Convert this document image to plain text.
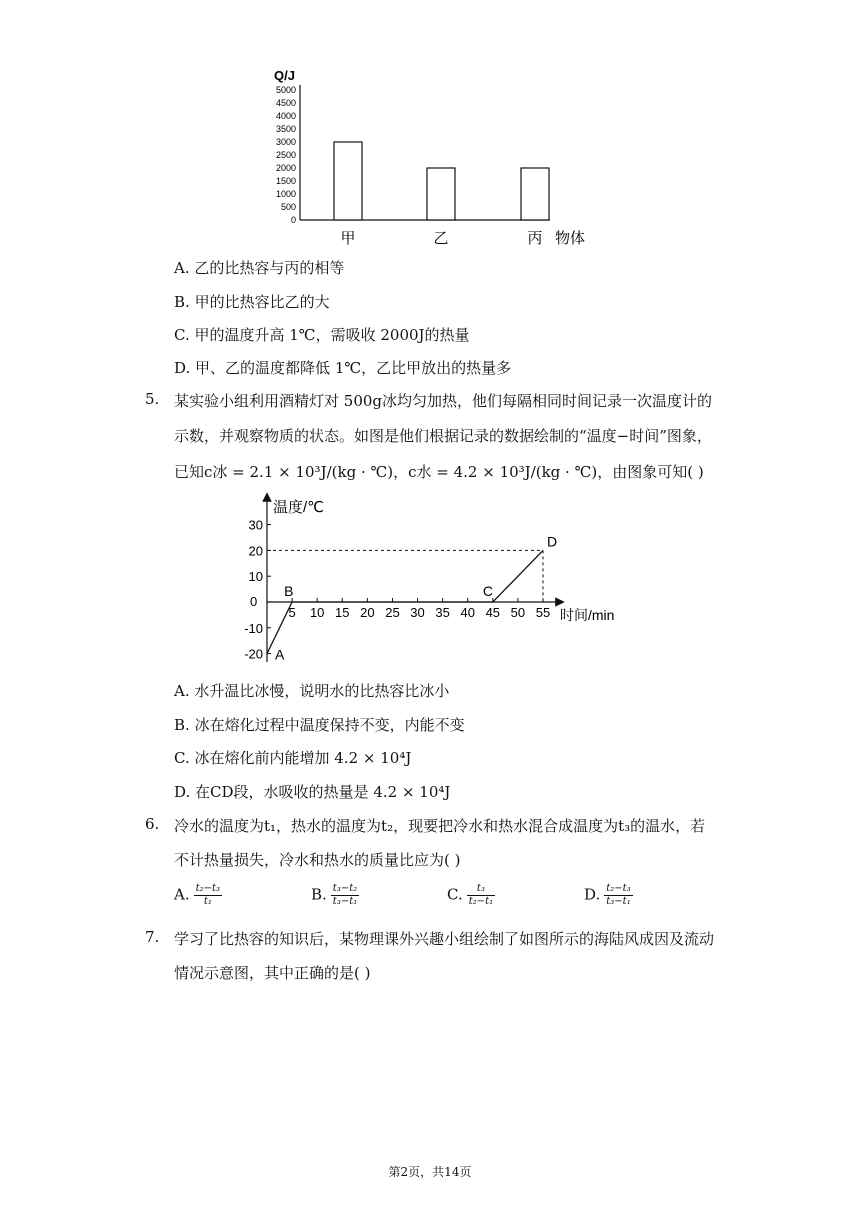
Q/J
0
500
1000
1500
2000
2500
3000
3500
4000
4500
5000
甲	乙	丙 物体
A. 乙的比热容与丙的相等
B. 甲的比热容比乙的大
C. 甲的温度升高 1℃，需吸收 2000J的热量
D. 甲、乙的温度都降低 1℃，乙比甲放出的热量多
5. 某实验小组利用酒精灯对 500g冰均匀加热，他们每隔相同时间记录一次温度计的
示数，并观察物质的状态。如图是他们根据记录的数据绘制的“温度−时间”图象，
已知c冰 = 2.1 × 10³J/(kg · ℃)，c水 = 4.2 × 10³J/(kg · ℃)，由图象可知( )
温度/℃
时间/min
0
30
20
10
-10
-20
5 10 15 20 25 30 35 40 45 50 55
A
B	C
D
A. 水升温比冰慢，说明水的比热容比冰小
B. 冰在熔化过程中温度保持不变，内能不变
C. 冰在熔化前内能增加 4.2 × 10⁴J
D. 在CD段，水吸收的热量是 4.2 × 10⁴J
6. 冷水的温度为t₁，热水的温度为t₂，现要把冷水和热水混合成温度为t₃的温水，若
不计热量损失，冷水和热水的质量比应为( )
A. $\frac{\text{t₂−t₃}}{\text{t₁}}$	B. $\frac{\text{t₃−t₂}}{\text{t₃−t₁}}$	C. $\frac{\text{t₃}}{\text{t₂−t₁}}$	D. $\frac{\text{t₂−t₃}}{\text{t₃−t₁}}$
7. 学习了比热容的知识后，某物理课外兴趣小组绘制了如图所示的海陆风成因及流动
情况示意图，其中正确的是( )
第2页，共14页
